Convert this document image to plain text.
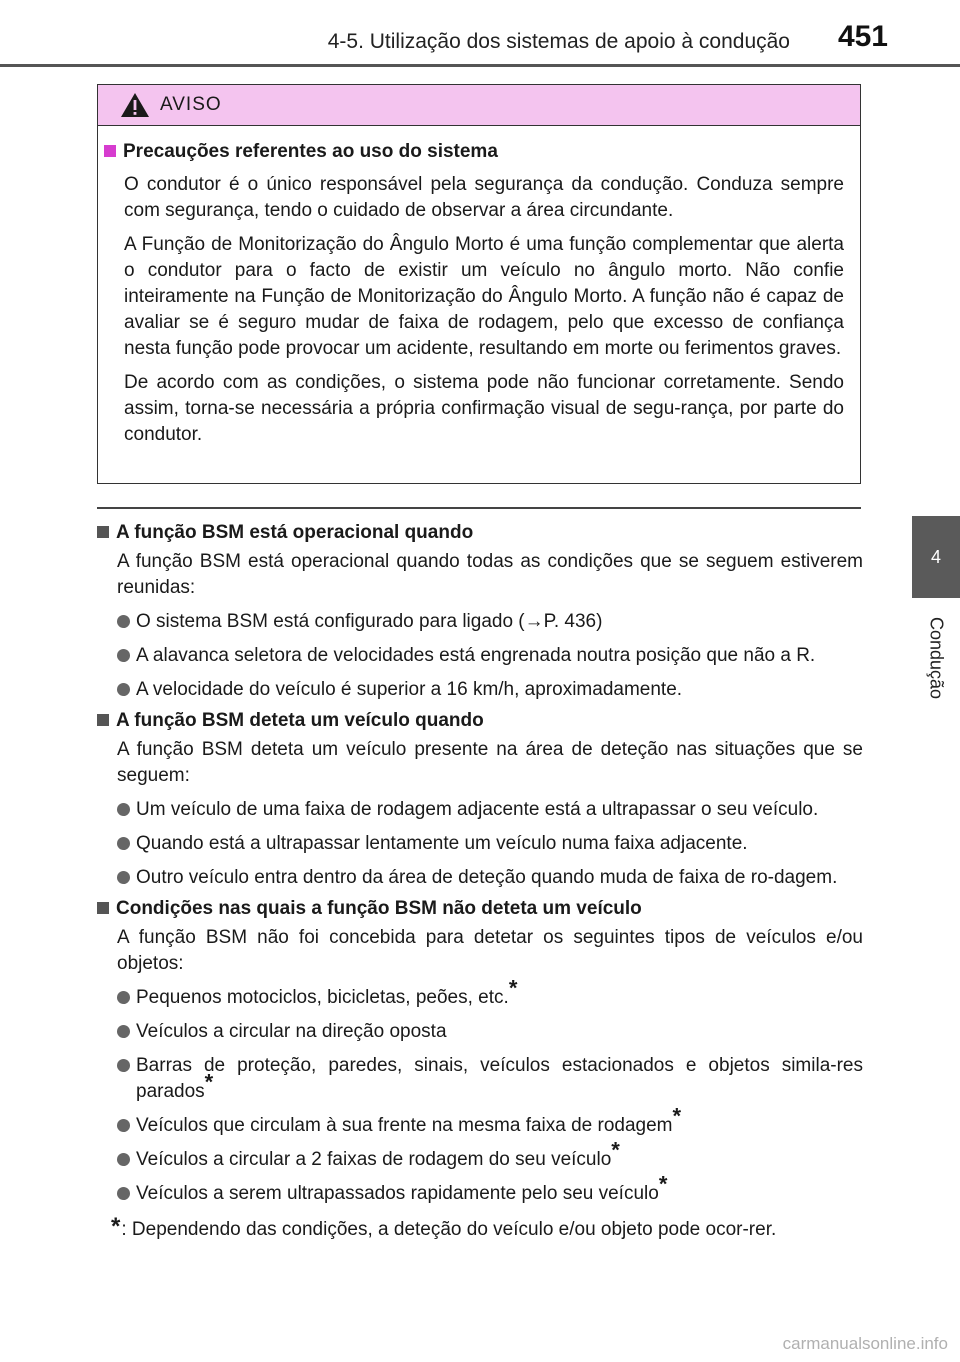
4-5. Utilização dos sistemas de apoio à condução 451
4
Condução
AVISO
Precauções referentes ao uso do sistema

O condutor é o único responsável pela segurança da condução. Conduza sempre com segurança, tendo o cuidado de observar a área circundante.

A Função de Monitorização do Ângulo Morto é uma função complementar que alerta o condutor para o facto de existir um veículo no ângulo morto. Não confie inteiramente na Função de Monitorização do Ângulo Morto. A função não é capaz de avaliar se é seguro mudar de faixa de rodagem, pelo que excesso de confiança nesta função pode provocar um acidente, resultando em morte ou ferimentos graves.

De acordo com as condições, o sistema pode não funcionar corretamente. Sendo assim, torna-se necessária a própria confirmação visual de segu-rança, por parte do condutor.

A função BSM está operacional quando

A função BSM está operacional quando todas as condições que se seguem estiverem reunidas:

O sistema BSM está configurado para ligado (→P. 436)
A alavanca seletora de velocidades está engrenada noutra posição que não a R.
A velocidade do veículo é superior a 16 km/h, aproximadamente.
A função BSM deteta um veículo quando

A função BSM deteta um veículo presente na área de deteção nas situações que se seguem:

Um veículo de uma faixa de rodagem adjacente está a ultrapassar o seu veículo.
Quando está a ultrapassar lentamente um veículo numa faixa adjacente.
Outro veículo entra dentro da área de deteção quando muda de faixa de ro-dagem.
Condições nas quais a função BSM não deteta um veículo

A função BSM não foi concebida para detetar os seguintes tipos de veículos e/ou objetos:

Pequenos motociclos, bicicletas, peões, etc.*
Veículos a circular na direção oposta
Barras de proteção, paredes, sinais, veículos estacionados e objetos simila-res parados*
Veículos que circulam à sua frente na mesma faixa de rodagem*
Veículos a circular a 2 faixas de rodagem do seu veículo*
Veículos a serem ultrapassados rapidamente pelo seu veículo*
* : Dependendo das condições, a deteção do veículo e/ou objeto pode ocor-rer.
carmanualsonline.info
